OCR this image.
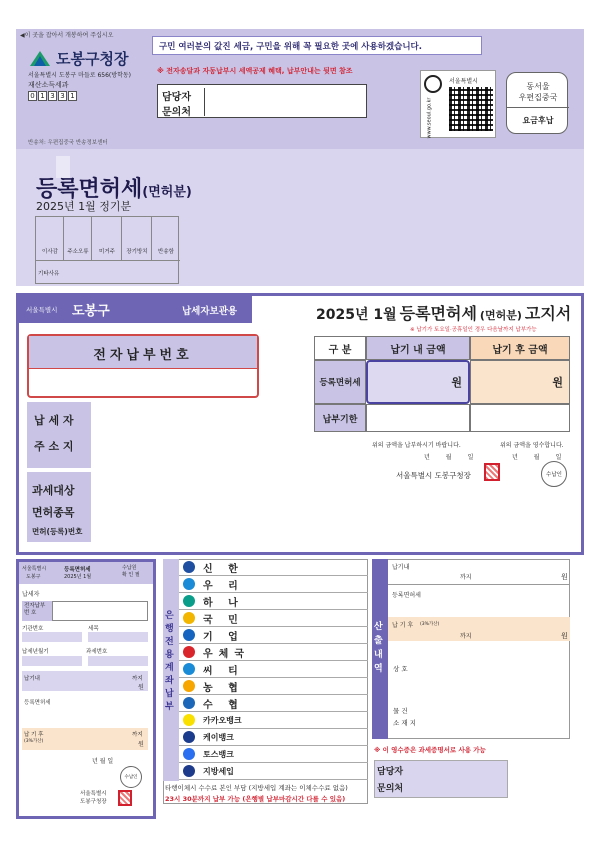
◀이 곳을 잡아서 개봉하여 주십시오
도봉구청장
서울특별시 도봉구 마들로 656(방학동)
재산소득세과
0 1 3 3 1
반송처: 우편집중국 반송정보센터
구민 여러분의 값진 세금, 구민을 위해 꼭 필요한 곳에 사용하겠습니다.
※ 전자송달과 자동납부시 세액공제 혜택, 납부안내는 뒷면 참조
담당자
문의처
서울특별시
www.seoul.go.kr
동서울
우편집중국
요금후납
등록면허세 (면허분)
2025년 1월 정기분
이사감	주소오류	미거주	장기방치	반송함
기타사유
서울특별시 도봉구	납세자보관용	2025년 1월 등록면허세 (면허분) 고지서
※ 납기가 토요일·공휴일인 경우 다음날까지 납부가능
전자납부번호	구 분	납기 내 금액	납기 후 금액
등록면허세	원	원
납부기한
납 세 자
주 소 지
과세대상
면허종목
면허(등록)번호
위의 금액을 납부하시기 바랍니다.	위의 금액을 영수합니다.
년	월	일	년	월	일
서울특별시 도봉구청장	수납인
서울특별시
도봉구
등록면허세
2025년 1월
수납원
확 인 필
납세자
전자납부
번 호
기관번호	세목
납세년월기	과세번호
납기내	까지
원
등록면허세
납 기 후
(3%가산)
까지
원
년 월 일
수납인
서울특별시
도봉구청장
은행 전용 계좌 납부
신 한
우 리
하 나
국 민
기 업
우체국
씨 티
농 협
수 협
카카오뱅크
케이뱅크
토스뱅크
지방세입
타행이체시 수수료 본인 부담 (지방세입 계좌는 이체수수료 없음)
23시 30분까지 납부 가능 (은행별 납부마감시간 다를 수 있음)
산출 내역
납기내
까지	원
등록면허세
납 기 후 (3%가산)
까지	원
상 호
물 건
소 재 지
※ 이 영수증은 과세증명서로 사용 가능
담당자
문의처
